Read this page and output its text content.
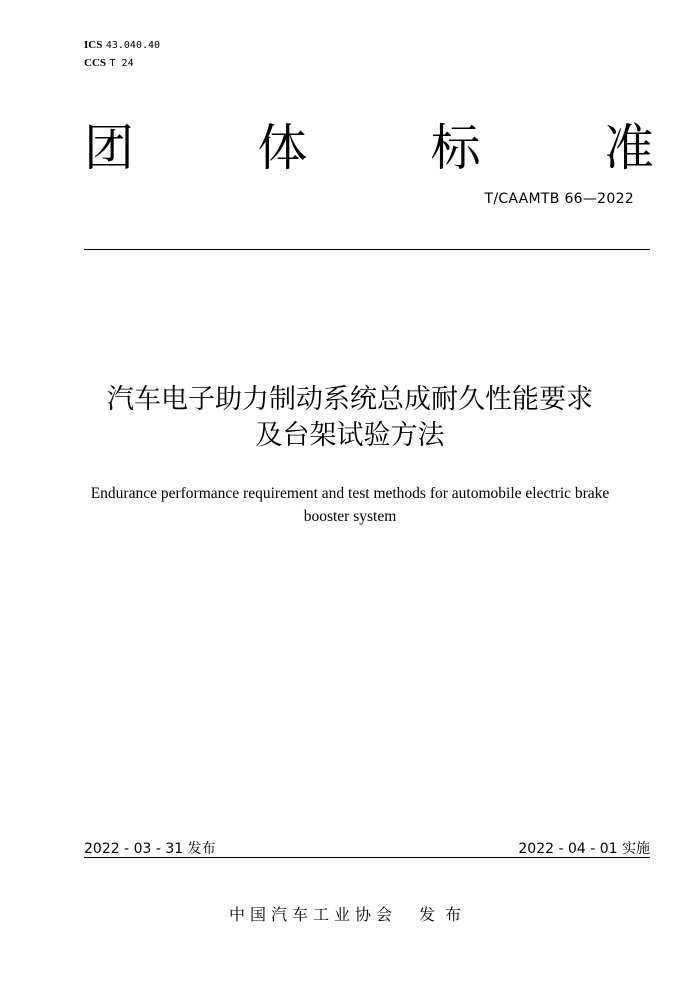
ICS 43.040.40
CCS T 24
团 体 标 准
T/CAAMTB 66—2022
汽车电子助力制动系统总成耐久性能要求
及台架试验方法
Endurance performance requirement and test methods for automobile electric brake
booster system
2022 - 03 - 31 发布	2022 - 04 - 01 实施
中国汽车工业协会 发布
